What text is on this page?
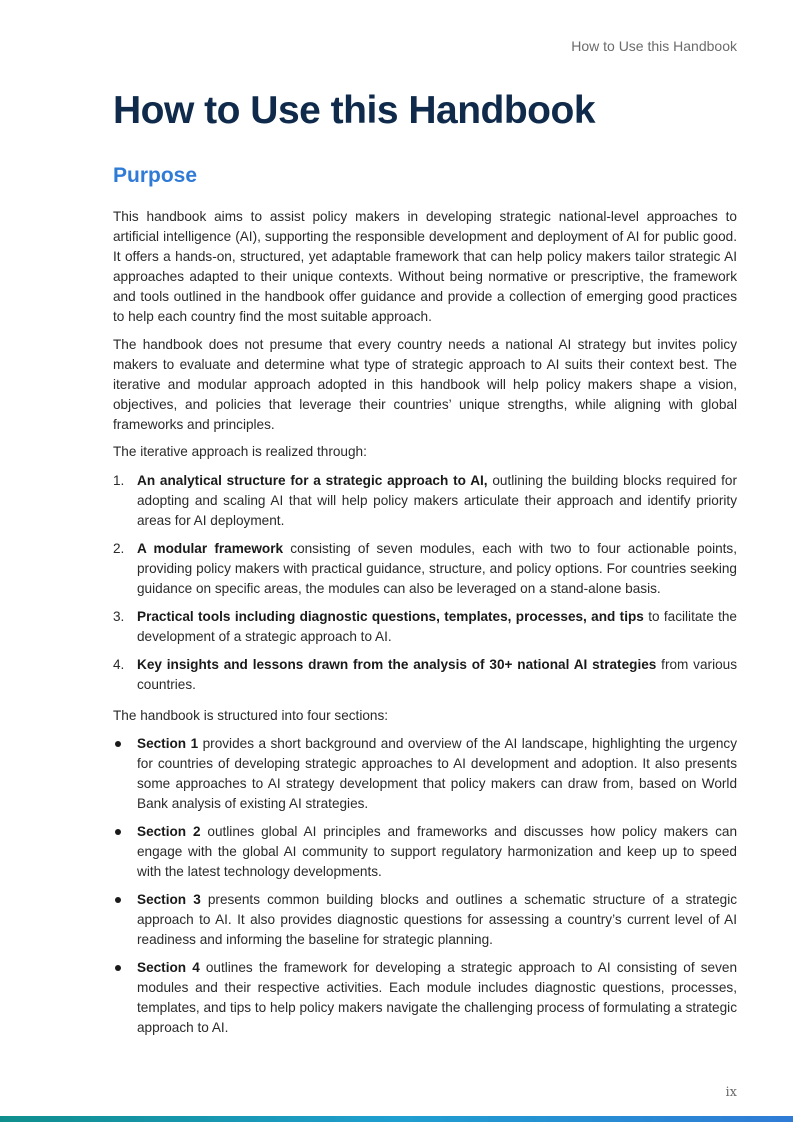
How to Use this Handbook
How to Use this Handbook
Purpose

This handbook aims to assist policy makers in developing strategic national-level approaches to artificial intelligence (AI), supporting the responsible development and deployment of AI for public good. It offers a hands-on, structured, yet adaptable framework that can help policy makers tailor strategic AI approaches adapted to their unique contexts. Without being normative or prescriptive, the framework and tools outlined in the handbook offer guidance and provide a collection of emerging good practices to help each country find the most suitable approach.

The handbook does not presume that every country needs a national AI strategy but invites policy makers to evaluate and determine what type of strategic approach to AI suits their context best. The iterative and modular approach adopted in this handbook will help policy makers shape a vision, objectives, and policies that leverage their countries’ unique strengths, while aligning with global frameworks and principles.

The iterative approach is realized through:

1. An analytical structure for a strategic approach to AI, outlining the building blocks required for adopting and scaling AI that will help policy makers articulate their approach and identify priority areas for AI deployment.
2. A modular framework consisting of seven modules, each with two to four actionable points, providing policy makers with practical guidance, structure, and policy options. For countries seeking guidance on specific areas, the modules can also be leveraged on a stand-alone basis.
3. Practical tools including diagnostic questions, templates, processes, and tips to facilitate the development of a strategic approach to AI.
4. Key insights and lessons drawn from the analysis of 30+ national AI strategies from various countries.

The handbook is structured into four sections:

Section 1 provides a short background and overview of the AI landscape, highlighting the urgency for countries of developing strategic approaches to AI development and adoption. It also presents some approaches to AI strategy development that policy makers can draw from, based on World Bank analysis of existing AI strategies.
Section 2 outlines global AI principles and frameworks and discusses how policy makers can engage with the global AI community to support regulatory harmonization and keep up to speed with the latest technology developments.
Section 3 presents common building blocks and outlines a schematic structure of a strategic approach to AI. It also provides diagnostic questions for assessing a country’s current level of AI readiness and informing the baseline for strategic planning.
Section 4 outlines the framework for developing a strategic approach to AI consisting of seven modules and their respective activities. Each module includes diagnostic questions, processes, templates, and tips to help policy makers navigate the challenging process of formulating a strategic approach to AI.
ix
